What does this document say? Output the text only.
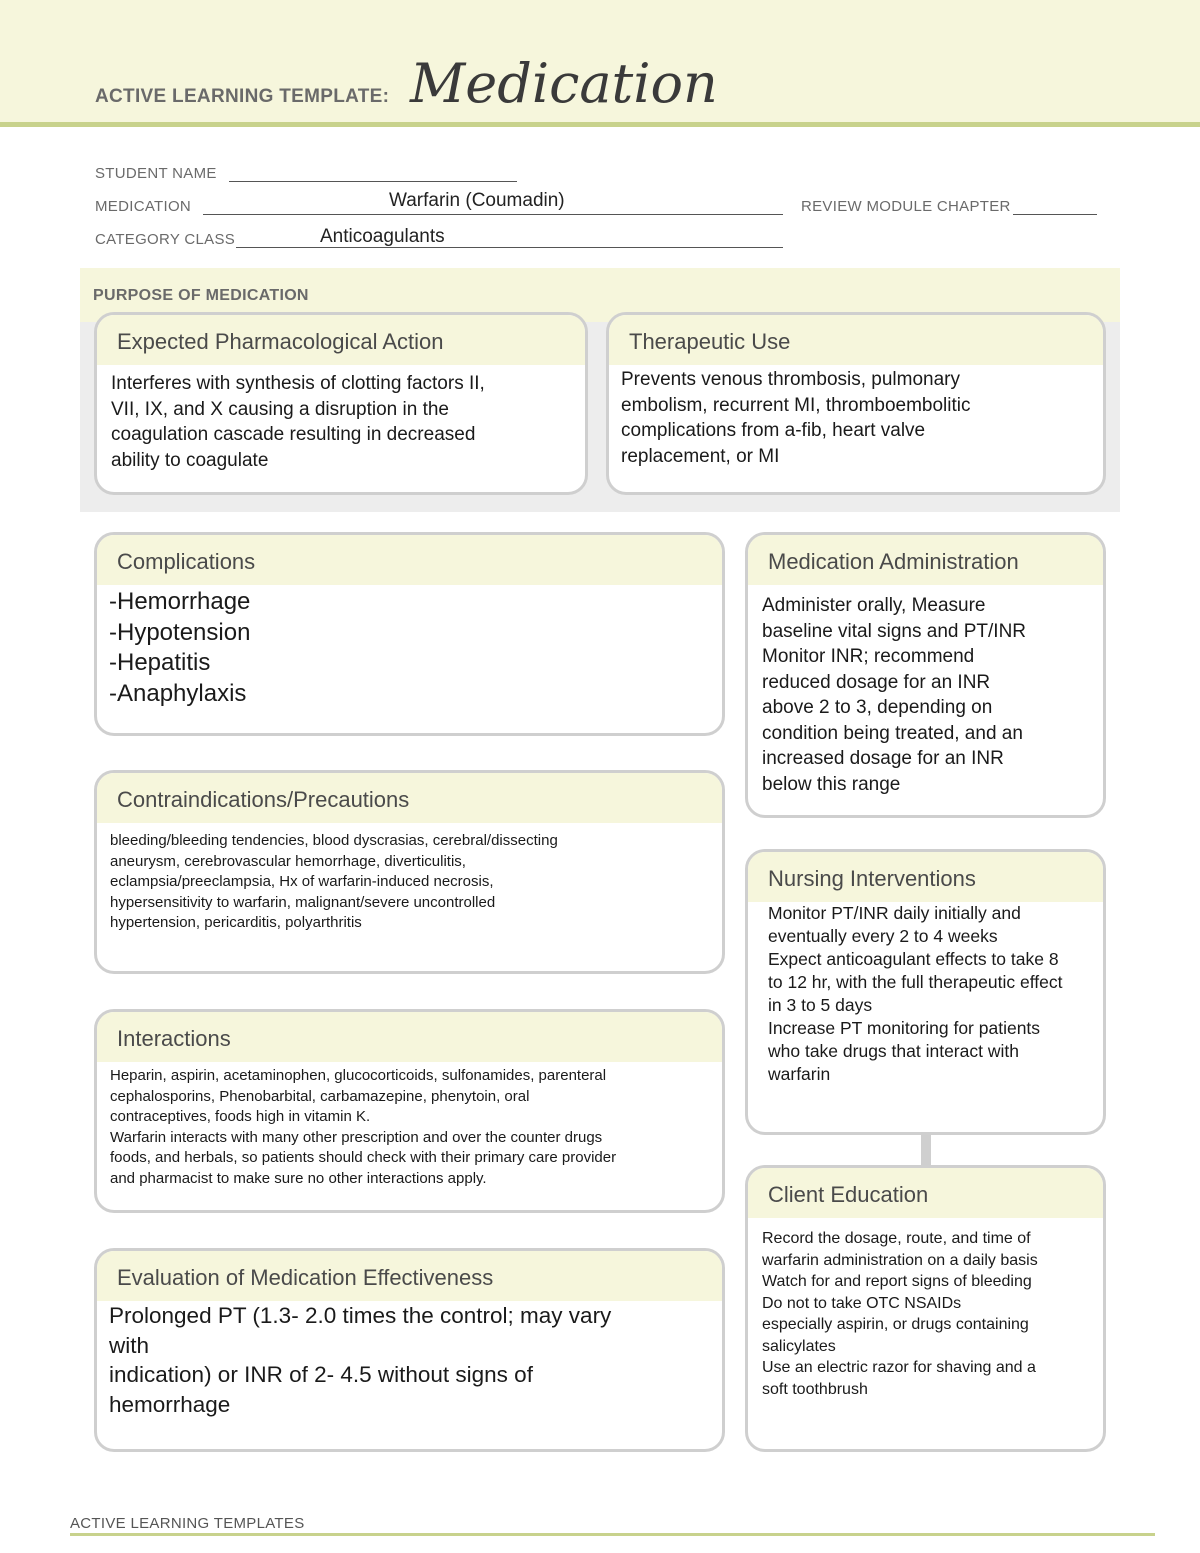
ACTIVE LEARNING TEMPLATE: Medication
STUDENT NAME
MEDICATION	Warfarin (Coumadin)	REVIEW MODULE CHAPTER
CATEGORY CLASS	Anticoagulants
PURPOSE OF MEDICATION
Expected Pharmacological Action
Interferes with synthesis of clotting factors II,
VII, IX, and X causing a disruption in the
coagulation cascade resulting in decreased
ability to coagulate
Therapeutic Use
Prevents venous thrombosis, pulmonary
embolism, recurrent MI, thromboembolitic
complications from a-fib, heart valve
replacement, or MI
Complications
-Hemorrhage
-Hypotension
-Hepatitis
-Anaphylaxis
Medication Administration
Administer orally, Measure
baseline vital signs and PT/INR
Monitor INR; recommend
reduced dosage for an INR
above 2 to 3, depending on
condition being treated, and an
increased dosage for an INR
below this range
Contraindications/Precautions
bleeding/bleeding tendencies, blood dyscrasias, cerebral/dissecting
aneurysm, cerebrovascular hemorrhage, diverticulitis,
eclampsia/preeclampsia, Hx of warfarin-induced necrosis,
hypersensitivity to warfarin, malignant/severe uncontrolled
hypertension, pericarditis, polyarthritis
Nursing Interventions
Monitor PT/INR daily initially and
eventually every 2 to 4 weeks
Expect anticoagulant effects to take 8
to 12 hr, with the full therapeutic effect
in 3 to 5 days
Increase PT monitoring for patients
who take drugs that interact with
warfarin
Interactions
Heparin, aspirin, acetaminophen, glucocorticoids, sulfonamides, parenteral
cephalosporins, Phenobarbital, carbamazepine, phenytoin, oral
contraceptives, foods high in vitamin K.
Warfarin interacts with many other prescription and over the counter drugs
foods, and herbals, so patients should check with their primary care provider
and pharmacist to make sure no other interactions apply.
Client Education
Record the dosage, route, and time of
warfarin administration on a daily basis
Watch for and report signs of bleeding
Do not to take OTC NSAIDs
especially aspirin, or drugs containing
salicylates
Use an electric razor for shaving and a
soft toothbrush
Evaluation of Medication Effectiveness
Prolonged PT (1.3- 2.0 times the control; may vary
with
indication) or INR of 2- 4.5 without signs of
hemorrhage
ACTIVE LEARNING TEMPLATES
